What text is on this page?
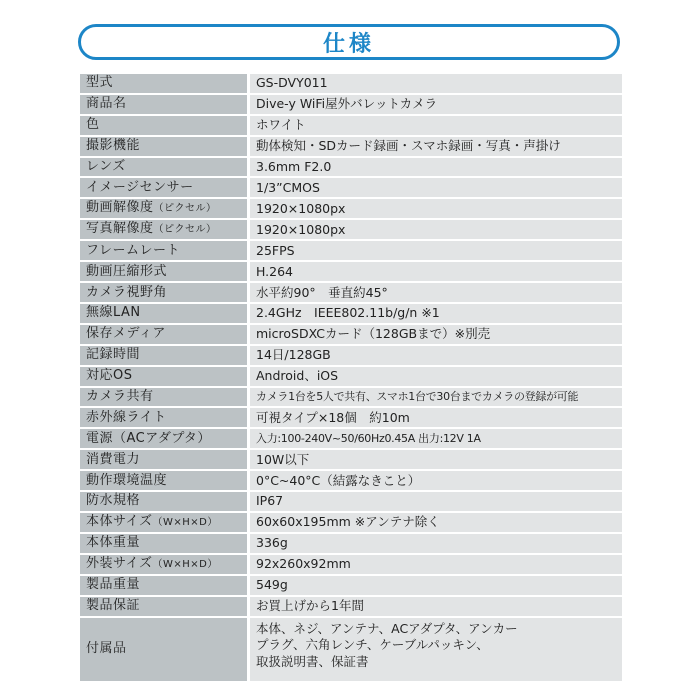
仕様
型式	GS-DVY011
商品名	Dive-y WiFi屋外バレットカメラ
色	ホワイト
撮影機能	動体検知・SDカード録画・スマホ録画・写真・声掛け
レンズ	3.6mm F2.0
イメージセンサー	1/3”CMOS
動画解像度（ピクセル）	1920×1080px
写真解像度（ピクセル）	1920×1080px
フレームレート	25FPS
動画圧縮形式	H.264
カメラ視野角	水平約90°　垂直約45°
無線LAN	2.4GHz　IEEE802.11b/g/n ※1
保存メディア	microSDXCカード（128GBまで）※別売
記録時間	14日/128GB
対応OS	Android、iOS
カメラ共有	カメラ1台を5人で共有、スマホ1台で30台までカメラの登録が可能
赤外線ライト	可視タイプ×18個　約10m
電源（ACアダプタ）	入力:100-240V~50/60Hz0.45A 出力:12V 1A
消費電力	10W以下
動作環境温度	0°C~40°C（結露なきこと）
防水規格	IP67
本体サイズ（W×H×D）	60x60x195mm ※アンテナ除く
本体重量	336g
外装サイズ（W×H×D）	92x260x92mm
製品重量	549g
製品保証	お買上げから1年間
付属品	本体、ネジ、アンテナ、ACアダプタ、アンカー
プラグ、六角レンチ、ケーブルパッキン、
取扱説明書、保証書
